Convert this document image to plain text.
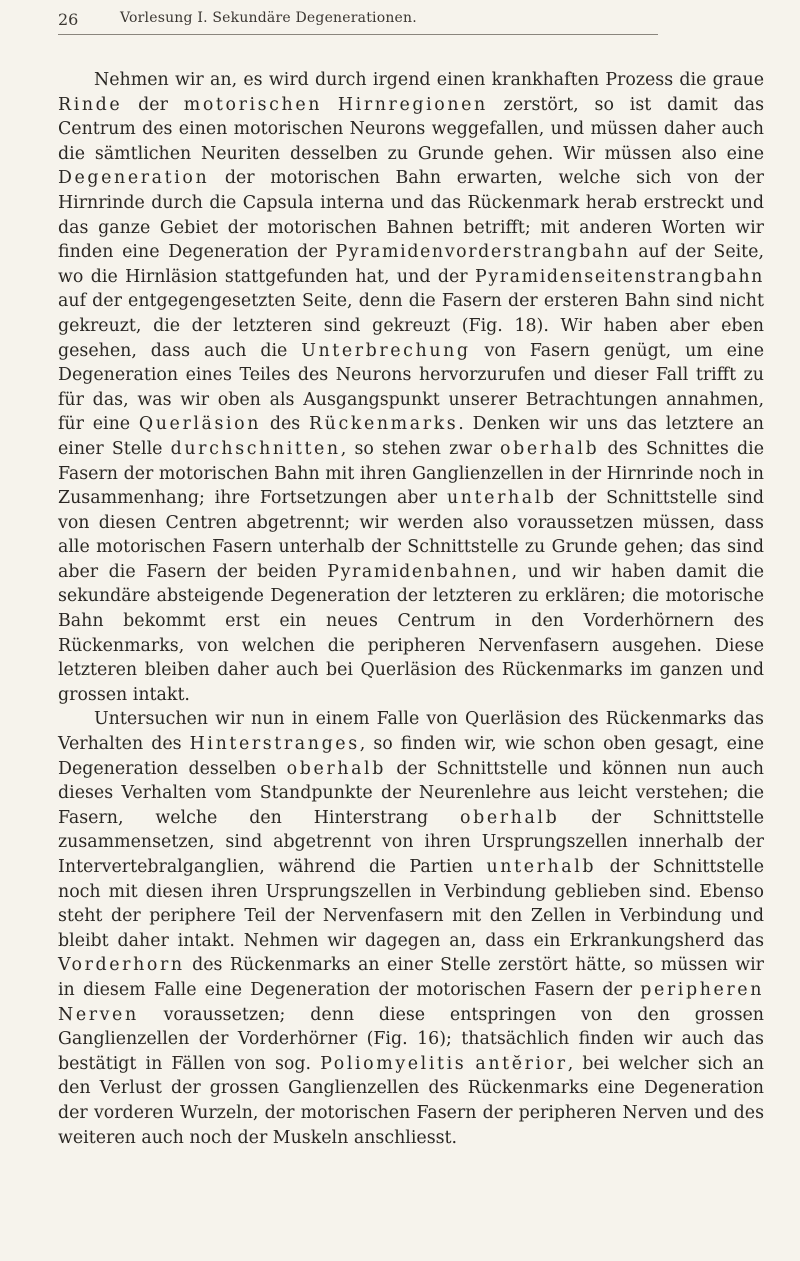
26	Vorlesung I. Sekundäre Degenerationen.

Nehmen wir an, es wird durch irgend einen krankhaften Prozess die graue Rinde der motorischen Hirnregionen zerstört, so ist damit das Centrum des einen motorischen Neurons weggefallen, und müssen daher auch die sämtlichen Neuriten desselben zu Grunde gehen. Wir müssen also eine Degeneration der motorischen Bahn erwarten, welche sich von der Hirnrinde durch die Capsula interna und das Rückenmark herab erstreckt und das ganze Gebiet der motorischen Bahnen betrifft; mit anderen Worten wir finden eine Degeneration der Pyramidenvorderstrangbahn auf der Seite, wo die Hirnläsion stattgefunden hat, und der Pyramidenseitenstrangbahn auf der entgegengesetzten Seite, denn die Fasern der ersteren Bahn sind nicht gekreuzt, die der letzteren sind gekreuzt (Fig. 18). Wir haben aber eben gesehen, dass auch die Unterbrechung von Fasern genügt, um eine Degeneration eines Teiles des Neurons hervorzurufen und dieser Fall trifft zu für das, was wir oben als Ausgangspunkt unserer Betrachtungen annahmen, für eine Querläsion des Rückenmarks. Denken wir uns das letztere an einer Stelle durchschnitten, so stehen zwar oberhalb des Schnittes die Fasern der motorischen Bahn mit ihren Ganglienzellen in der Hirnrinde noch in Zusammenhang; ihre Fortsetzungen aber unterhalb der Schnittstelle sind von diesen Centren abgetrennt; wir werden also voraussetzen müssen, dass alle motorischen Fasern unterhalb der Schnittstelle zu Grunde gehen; das sind aber die Fasern der beiden Pyramidenbahnen, und wir haben damit die sekundäre absteigende Degeneration der letzteren zu erklären; die motorische Bahn bekommt erst ein neues Centrum in den Vorderhörnern des Rückenmarks, von welchen die peripheren Nervenfasern ausgehen. Diese letzteren bleiben daher auch bei Querläsion des Rückenmarks im ganzen und grossen intakt.

Untersuchen wir nun in einem Falle von Querläsion des Rückenmarks das Verhalten des Hinterstranges, so finden wir, wie schon oben gesagt, eine Degeneration desselben oberhalb der Schnittstelle und können nun auch dieses Verhalten vom Standpunkte der Neurenlehre aus leicht verstehen; die Fasern, welche den Hinterstrang oberhalb der Schnittstelle zusammensetzen, sind abgetrennt von ihren Ursprungszellen innerhalb der Intervertebralganglien, während die Partien unterhalb der Schnittstelle noch mit diesen ihren Ursprungszellen in Verbindung geblieben sind. Ebenso steht der periphere Teil der Nervenfasern mit den Zellen in Verbindung und bleibt daher intakt. Nehmen wir dagegen an, dass ein Erkrankungsherd das Vorderhorn des Rückenmarks an einer Stelle zerstört hätte, so müssen wir in diesem Falle eine Degeneration der motorischen Fasern der peripheren Nerven voraussetzen; denn diese entspringen von den grossen Ganglienzellen der Vorderhörner (Fig. 16); thatsächlich finden wir auch das bestätigt in Fällen von sog. Poliomyelitis antĕrior, bei welcher sich an den Verlust der grossen Ganglienzellen des Rückenmarks eine Degeneration der vorderen Wurzeln, der motorischen Fasern der peripheren Nerven und des weiteren auch noch der Muskeln anschliesst.
